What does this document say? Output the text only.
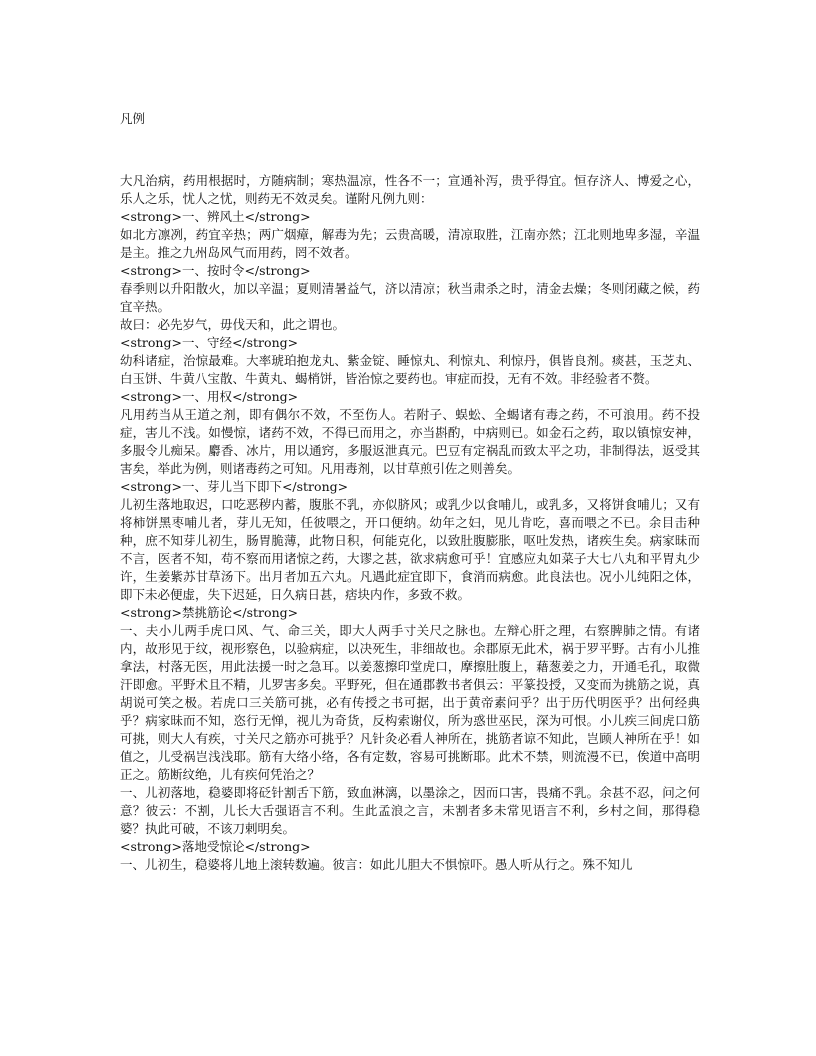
凡例

大凡治病，药用根据时，方随病制；寒热温凉，性各不一；宣通补泻，贵乎得宜。恒存济人、博爱之心，乐人之乐，忧人之忧，则药无不效灵矣。谨附凡例九则：

<strong>一、辨风土</strong>

如北方凛冽，药宜辛热；两广烟瘴，解毒为先；云贵高暖，清凉取胜，江南亦然；江北则地卑多湿，辛温是主。推之九州岛风气而用药，罔不效者。

<strong>一、按时令</strong>

春季则以升阳散火，加以辛温；夏则清暑益气，济以清凉；秋当肃杀之时，清金去燥；冬则闭藏之候，药宜辛热。

故曰：必先岁气，毋伐天和，此之谓也。

<strong>一、守经</strong>

幼科诸症，治惊最难。大率琥珀抱龙丸、紫金锭、睡惊丸、利惊丸、利惊丹，俱皆良剂。痰甚，玉芝丸、白玉饼、牛黄八宝散、牛黄丸、蝎梢饼，皆治惊之要药也。审症而投，无有不效。非经验者不赘。

<strong>一、用权</strong>

凡用药当从王道之剂，即有偶尔不效，不至伤人。若附子、蜈蚣、全蝎诸有毒之药，不可浪用。药不投症，害儿不浅。如慢惊，诸药不效，不得已而用之，亦当斟酌，中病则已。如金石之药，取以镇惊安神，多服令儿痴呆。麝香、冰片，用以通窍，多服返泄真元。巴豆有定祸乱而致太平之功，非制得法，返受其害矣，举此为例，则诸毒药之可知。凡用毒剂，以甘草煎引佐之则善矣。

<strong>一、芽儿当下即下</strong>

儿初生落地取迟，口吃恶秽内蓄，腹胀不乳，亦似脐风；或乳少以食哺儿，或乳多，又将饼食哺儿；又有将柿饼黑枣哺儿者，芽儿无知，任彼喂之，开口便纳。幼年之妇，见儿肯吃，喜而喂之不已。余目击种种，庶不知芽儿初生，肠胃脆薄，此物日积，何能克化，以致肚腹膨胀，呕吐发热，诸疾生矣。病家昧而不言，医者不知，苟不察而用诸惊之药，大谬之甚，欲求病愈可乎！宜感应丸如菜子大七八丸和平胃丸少许，生姜紫苏甘草汤下。出月者加五六丸。凡遇此症宜即下，食消而病愈。此良法也。况小儿纯阳之体，即下未必便虚，失下迟延，日久病日甚，痞块内作，多致不救。

<strong>禁挑筋论</strong>

一、夫小儿两手虎口风、气、命三关，即大人两手寸关尺之脉也。左辩心肝之理，右察脾肺之情。有诸内，故形见于纹，视形察色，以验病症，以决死生，非细故也。余郡原无此术，祸于罗平野。古有小儿推拿法，村落无医，用此法援一时之急耳。以姜葱擦印堂虎口，摩擦肚腹上，藉葱姜之力，开通毛孔，取微汗即愈。平野术且不精，儿罗害多矣。平野死，但在通郡教书者俱云：平篆投授，又变而为挑筋之说，真胡说可笑之极。若虎口三关筋可挑，必有传授之书可据，出于黄帝素问乎？出于历代明医乎？出何经典乎？病家昧而不知，恣行无惮，视儿为奇货，反构索谢仪，所为惑世巫民，深为可恨。小儿疾三间虎口筋可挑，则大人有疾，寸关尺之筋亦可挑乎？凡针灸必看人神所在，挑筋者谅不知此，岂顾人神所在乎！如值之，儿受祸岂浅浅耶。筋有大络小络，各有定数，容易可挑断耶。此术不禁，则流漫不已，俟道中高明正之。筋断纹绝，儿有疾何凭治之？

一、儿初落地，稳婆即将砭针割舌下筋，致血淋漓，以墨涂之，因而口害，畏痛不乳。余甚不忍，问之何意？彼云：不割，儿长大舌强语言不利。生此孟浪之言，未割者多未常见语言不利，乡村之间，那得稳婆？执此可破，不该刀剌明矣。

<strong>落地受惊论</strong>

一、儿初生，稳婆将儿地上滚转数遍。彼言：如此儿胆大不惧惊吓。愚人听从行之。殊不知儿
